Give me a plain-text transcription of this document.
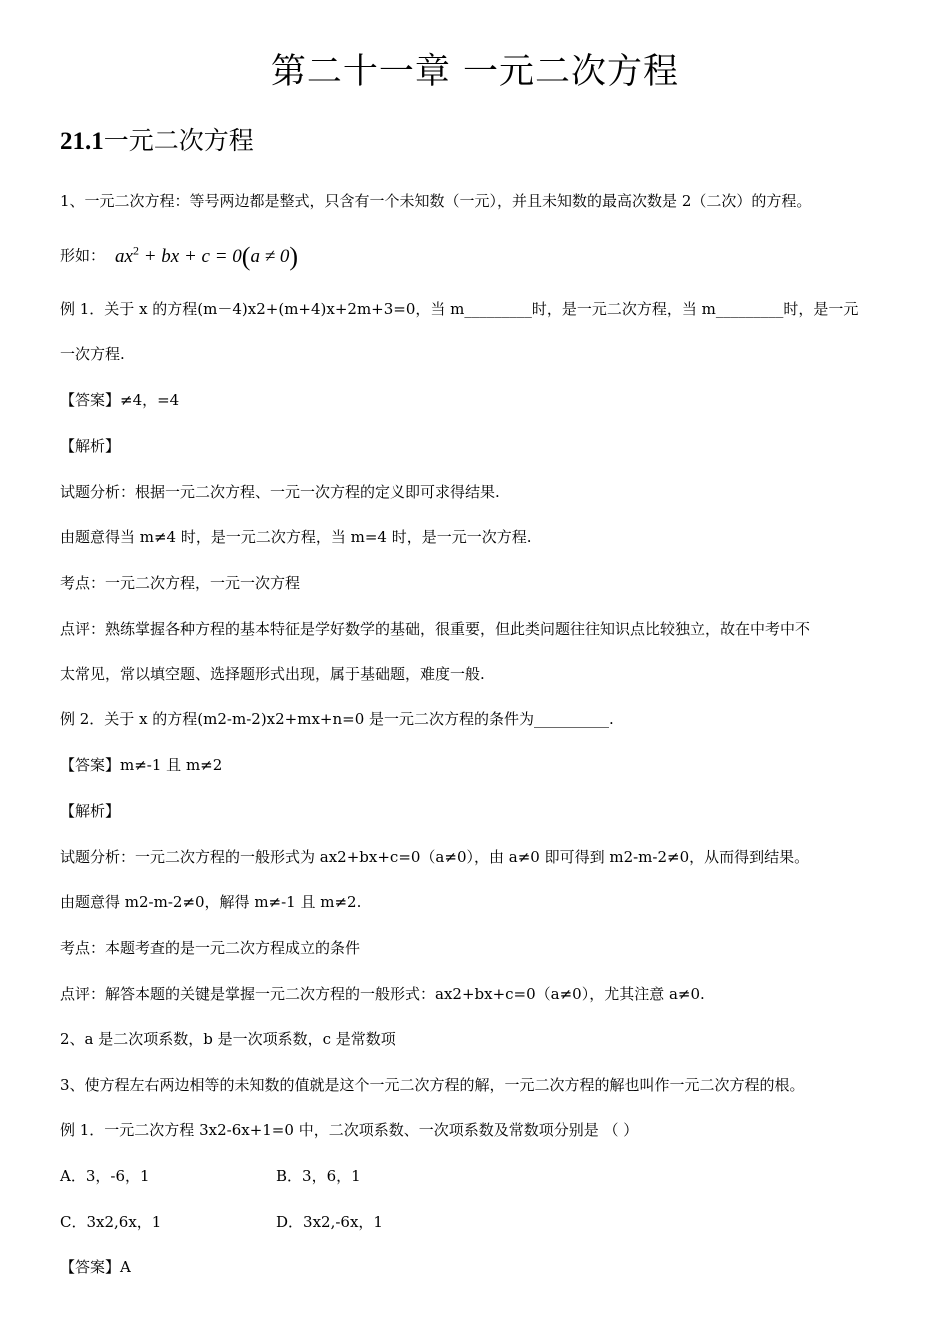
第二十一章 一元二次方程
21.1一元二次方程
1、一元二次方程：等号两边都是整式，只含有一个未知数（一元），并且未知数的最高次数是 2（二次）的方程。
形如： $ax^2$ + bx + c = 0(a ≠ 0)
例 1．关于 x 的方程(m－4)x2+(m+4)x+2m+3=0，当 m_________时，是一元二次方程，当 m_________时，是一元
一次方程.
【答案】≠4，=4
【解析】
试题分析：根据一元二次方程、一元一次方程的定义即可求得结果.
由题意得当 m≠4 时，是一元二次方程，当 m=4 时，是一元一次方程.
考点：一元二次方程，一元一次方程
点评：熟练掌握各种方程的基本特征是学好数学的基础，很重要，但此类问题往往知识点比较独立，故在中考中不
太常见，常以填空题、选择题形式出现，属于基础题，难度一般.
例 2．关于 x 的方程(m2-m-2)x2+mx+n=0 是一元二次方程的条件为__________.
【答案】m≠-1 且 m≠2
【解析】
试题分析：一元二次方程的一般形式为 ax2+bx+c=0（a≠0），由 a≠0 即可得到 m2-m-2≠0，从而得到结果。
由题意得 m2-m-2≠0，解得 m≠-1 且 m≠2.
考点：本题考查的是一元二次方程成立的条件
点评：解答本题的关键是掌握一元二次方程的一般形式：ax2+bx+c=0（a≠0），尤其注意 a≠0.
2、a 是二次项系数，b 是一次项系数，c 是常数项
3、使方程左右两边相等的未知数的值就是这个一元二次方程的解，一元二次方程的解也叫作一元二次方程的根。
例 1．一元二次方程 3x2-6x+1=0 中，二次项系数、一次项系数及常数项分别是 （ ）
A．3，-6，1	B．3，6，1
C．3x2,6x，1	D．3x2,-6x，1
【答案】A
